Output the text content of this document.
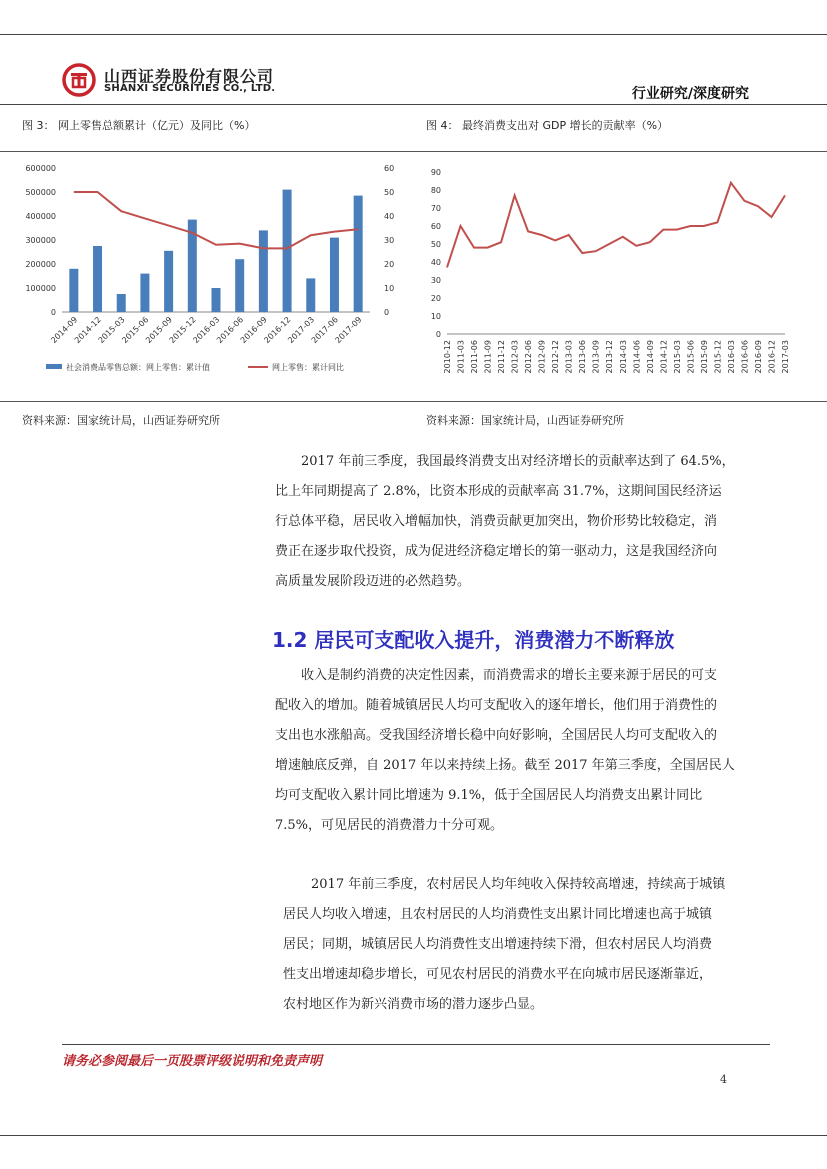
山西证券股份有限公司
SHANXI SECURITIES CO., LTD.	行业研究/深度研究
图 3： 网上零售总额累计（亿元）及同比（%）	图 4： 最终消费支出对 GDP 增长的贡献率（%）
0
100000
200000
300000
400000
500000
600000
0
10
20
30
40
50
60
2014-09
2014-12
2015-03
2015-06
2015-09
2015-12
2016-03
2016-06
2016-09
2016-12
2017-03
2017-06
2017-09
社会消费品零售总额：网上零售：累计值	网上零售：累计同比
0
10
20
30
40
50
60
70
80
90
2010-12 2011-03 2011-06 2011-09 2011-12 2012-03 2012-06 2012-09 2012-12 2013-03 2013-06 2013-09 2013-12 2014-03 2014-06 2014-09 2014-12 2015-03 2015-06 2015-09 2015-12 2016-03 2016-06 2016-09 2016-12 2017-03
资料来源：国家统计局，山西证券研究所	资料来源：国家统计局，山西证券研究所
2017 年前三季度，我国最终消费支出对经济增长的贡献率达到了 64.5%，
比上年同期提高了 2.8%，比资本形成的贡献率高 31.7%，这期间国民经济运
行总体平稳，居民收入增幅加快，消费贡献更加突出，物价形势比较稳定，消
费正在逐步取代投资，成为促进经济稳定增长的第一驱动力，这是我国经济向
高质量发展阶段迈进的必然趋势。
1.2 居民可支配收入提升，消费潜力不断释放
收入是制约消费的决定性因素，而消费需求的增长主要来源于居民的可支
配收入的增加。随着城镇居民人均可支配收入的逐年增长，他们用于消费性的
支出也水涨船高。受我国经济增长稳中向好影响，全国居民人均可支配收入的
增速触底反弹，自 2017 年以来持续上扬。截至 2017 年第三季度，全国居民人
均可支配收入累计同比增速为 9.1%，低于全国居民人均消费支出累计同比
7.5%，可见居民的消费潜力十分可观。
2017 年前三季度，农村居民人均年纯收入保持较高增速，持续高于城镇
居民人均收入增速，且农村居民的人均消费性支出累计同比增速也高于城镇
居民；同期，城镇居民人均消费性支出增速持续下滑，但农村居民人均消费
性支出增速却稳步增长，可见农村居民的消费水平在向城市居民逐渐靠近，
农村地区作为新兴消费市场的潜力逐步凸显。
请务必参阅最后一页股票评级说明和免责声明
4
